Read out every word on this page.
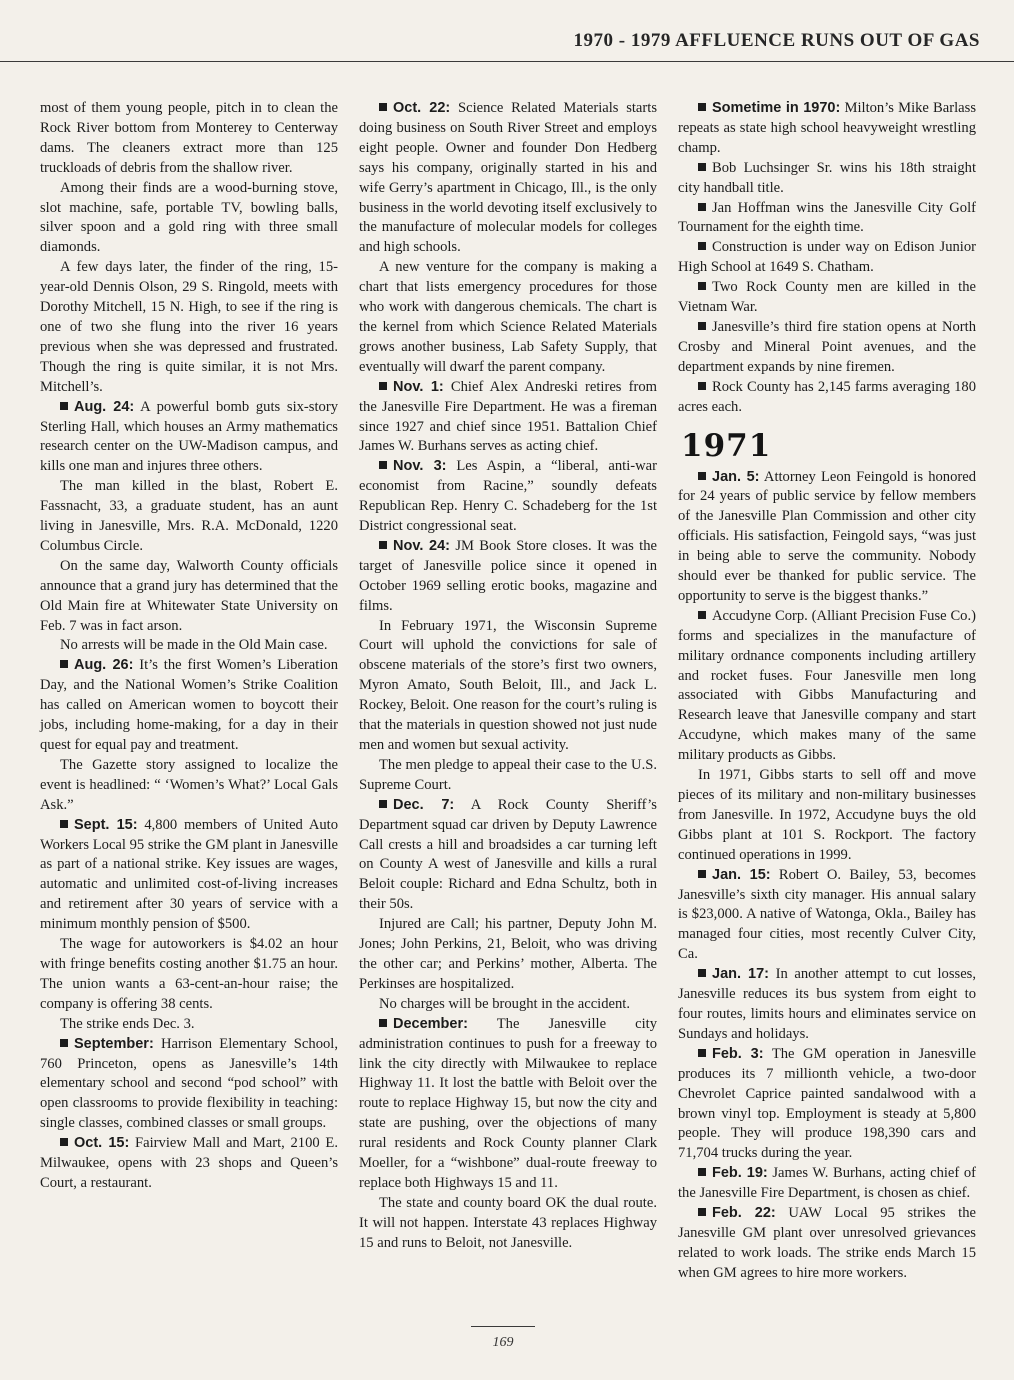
1970 - 1979 AFFLUENCE RUNS OUT OF GAS

most of them young people, pitch in to clean the Rock River bottom from Monterey to Centerway dams. The cleaners extract more than 125 truckloads of debris from the shallow river.

Among their finds are a wood-burning stove, slot machine, safe, portable TV, bowling balls, silver spoon and a gold ring with three small diamonds.

A few days later, the finder of the ring, 15-year-old Dennis Olson, 29 S. Ringold, meets with Dorothy Mitchell, 15 N. High, to see if the ring is one of two she flung into the river 16 years previous when she was depressed and frustrated. Though the ring is quite similar, it is not Mrs. Mitchell’s.

Aug. 24: A powerful bomb guts six-story Sterling Hall, which houses an Army mathematics research center on the UW-Madison campus, and kills one man and injures three others.

The man killed in the blast, Robert E. Fassnacht, 33, a graduate student, has an aunt living in Janesville, Mrs. R.A. McDonald, 1220 Columbus Circle.

On the same day, Walworth County officials announce that a grand jury has determined that the Old Main fire at Whitewater State University on Feb. 7 was in fact arson.

No arrests will be made in the Old Main case.

Aug. 26: It’s the first Women’s Liberation Day, and the National Women’s Strike Coalition has called on American women to boycott their jobs, including home-making, for a day in their quest for equal pay and treatment.

The Gazette story assigned to localize the event is headlined: “ ‘Women’s What?’ Local Gals Ask.”

Sept. 15: 4,800 members of United Auto Workers Local 95 strike the GM plant in Janesville as part of a national strike. Key issues are wages, automatic and unlimited cost-of-living increases and retirement after 30 years of service with a minimum monthly pension of $500.

The wage for autoworkers is $4.02 an hour with fringe benefits costing another $1.75 an hour. The union wants a 63-cent-an-hour raise; the company is offering 38 cents.

The strike ends Dec. 3.

September: Harrison Elementary School, 760 Princeton, opens as Janesville’s 14th elementary school and second “pod school” with open classrooms to provide flexibility in teaching: single classes, combined classes or small groups.

Oct. 15: Fairview Mall and Mart, 2100 E. Milwaukee, opens with 23 shops and Queen’s Court, a restaurant.

Oct. 22: Science Related Materials starts doing business on South River Street and employs eight people. Owner and founder Don Hedberg says his company, originally started in his and wife Gerry’s apartment in Chicago, Ill., is the only business in the world devoting itself exclusively to the manufacture of molecular models for colleges and high schools.

A new venture for the company is making a chart that lists emergency procedures for those who work with dangerous chemicals. The chart is the kernel from which Science Related Materials grows another business, Lab Safety Supply, that eventually will dwarf the parent company.

Nov. 1: Chief Alex Andreski retires from the Janesville Fire Department. He was a fireman since 1927 and chief since 1951. Battalion Chief James W. Burhans serves as acting chief.

Nov. 3: Les Aspin, a “liberal, anti-war economist from Racine,” soundly defeats Republican Rep. Henry C. Schadeberg for the 1st District congressional seat.

Nov. 24: JM Book Store closes. It was the target of Janesville police since it opened in October 1969 selling erotic books, magazine and films.

In February 1971, the Wisconsin Supreme Court will uphold the convictions for sale of obscene materials of the store’s first two owners, Myron Amato, South Beloit, Ill., and Jack L. Rockey, Beloit. One reason for the court’s ruling is that the materials in question showed not just nude men and women but sexual activity.

The men pledge to appeal their case to the U.S. Supreme Court.

Dec. 7: A Rock County Sheriff’s Department squad car driven by Deputy Lawrence Call crests a hill and broadsides a car turning left on County A west of Janesville and kills a rural Beloit couple: Richard and Edna Schultz, both in their 50s.

Injured are Call; his partner, Deputy John M. Jones; John Perkins, 21, Beloit, who was driving the other car; and Perkins’ mother, Alberta. The Perkinses are hospitalized.

No charges will be brought in the accident.

December: The Janesville city administration continues to push for a freeway to link the city directly with Milwaukee to replace Highway 11. It lost the battle with Beloit over the route to replace Highway 15, but now the city and state are pushing, over the objections of many rural residents and Rock County planner Clark Moeller, for a “wishbone” dual-route freeway to replace both Highways 15 and 11.

The state and county board OK the dual route. It will not happen. Interstate 43 replaces Highway 15 and runs to Beloit, not Janesville.

Sometime in 1970: Milton’s Mike Barlass repeats as state high school heavyweight wrestling champ.

Bob Luchsinger Sr. wins his 18th straight city handball title.

Jan Hoffman wins the Janesville City Golf Tournament for the eighth time.

Construction is under way on Edison Junior High School at 1649 S. Chatham.

Two Rock County men are killed in the Vietnam War.

Janesville’s third fire station opens at North Crosby and Mineral Point avenues, and the department expands by nine firemen.

Rock County has 2,145 farms averaging 180 acres each.

1971

Jan. 5: Attorney Leon Feingold is honored for 24 years of public service by fellow members of the Janesville Plan Commission and other city officials. His satisfaction, Feingold says, “was just in being able to serve the community. Nobody should ever be thanked for public service. The opportunity to serve is the biggest thanks.”

Accudyne Corp. (Alliant Precision Fuse Co.) forms and specializes in the manufacture of military ordnance components including artillery and rocket fuses. Four Janesville men long associated with Gibbs Manufacturing and Research leave that Janesville company and start Accudyne, which makes many of the same military products as Gibbs.

In 1971, Gibbs starts to sell off and move pieces of its military and non-military businesses from Janesville. In 1972, Accudyne buys the old Gibbs plant at 101 S. Rockport. The factory continued operations in 1999.

Jan. 15: Robert O. Bailey, 53, becomes Janesville’s sixth city manager. His annual salary is $23,000. A native of Watonga, Okla., Bailey has managed four cities, most recently Culver City, Ca.

Jan. 17: In another attempt to cut losses, Janesville reduces its bus system from eight to four routes, limits hours and eliminates service on Sundays and holidays.

Feb. 3: The GM operation in Janesville produces its 7 millionth vehicle, a two-door Chevrolet Caprice painted sandalwood with a brown vinyl top. Employment is steady at 5,800 people. They will produce 198,390 cars and 71,704 trucks during the year.

Feb. 19: James W. Burhans, acting chief of the Janesville Fire Department, is chosen as chief.

Feb. 22: UAW Local 95 strikes the Janesville GM plant over unresolved grievances related to work loads. The strike ends March 15 when GM agrees to hire more workers.

169
